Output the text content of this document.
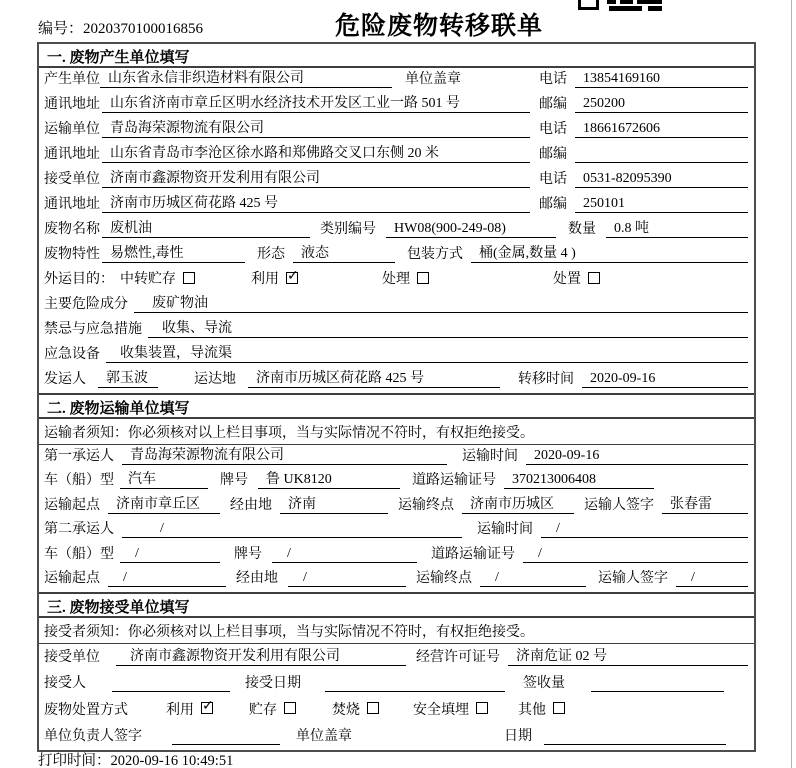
编号：2020370100016856	危险废物转移联单
一. 废物产生单位填写
产生单位 山东省永信非织造材料有限公司	单位盖章	电话	13854169160
通讯地址 山东省济南市章丘区明水经济技术开发区工业一路 501 号	邮编	250200
运输单位 青岛海荣源物流有限公司	电话	18661672606
通讯地址 山东省青岛市李沧区徐水路和郑佛路交叉口东侧 20 米	邮编
接受单位 济南市鑫源物资开发利用有限公司	电话	0531-82095390
通讯地址 济南市历城区荷花路 425 号	邮编	250101
废物名称 废机油	类别编号	HW08(900-249-08)	数量	0.8 吨
废物特性 易燃性,毒性	形态	液态	包装方式	桶(金属,数量 4 )
外运目的： 中转贮存	利用 ✓	处理	处置
主要危险成分	废矿物油
禁忌与应急措施	收集、导流
应急设备	收集装置，导流渠
发运人	郭玉波	运达地	济南市历城区荷花路 425 号	转移时间	2020-09-16
二. 废物运输单位填写
运输者须知： 你必须核对以上栏目事项，当与实际情况不符时，有权拒绝接受。
第一承运人	青岛海荣源物流有限公司	运输时间	2020-09-16
车（船）型	汽车	牌号	鲁 UK8120	道路运输证号	370213006408
运输起点	济南市章丘区	经由地	济南	运输终点	济南市历城区	运输人签字	张春雷
第二承运人	/	运输时间	/
车（船）型	/	牌号	/	道路运输证号	/
运输起点	/	经由地	/	运输终点	/	运输人签字	/
三. 废物接受单位填写
接受者须知： 你必须核对以上栏目事项，当与实际情况不符时，有权拒绝接受。
接受单位	济南市鑫源物资开发利用有限公司	经营许可证号	济南危证 02 号
接受人	接受日期	签收量
废物处置方式	利用 ✓	贮存	焚烧	安全填埋	其他
单位负责人签字	单位盖章	日期
打印时间：2020-09-16 10:49:51
